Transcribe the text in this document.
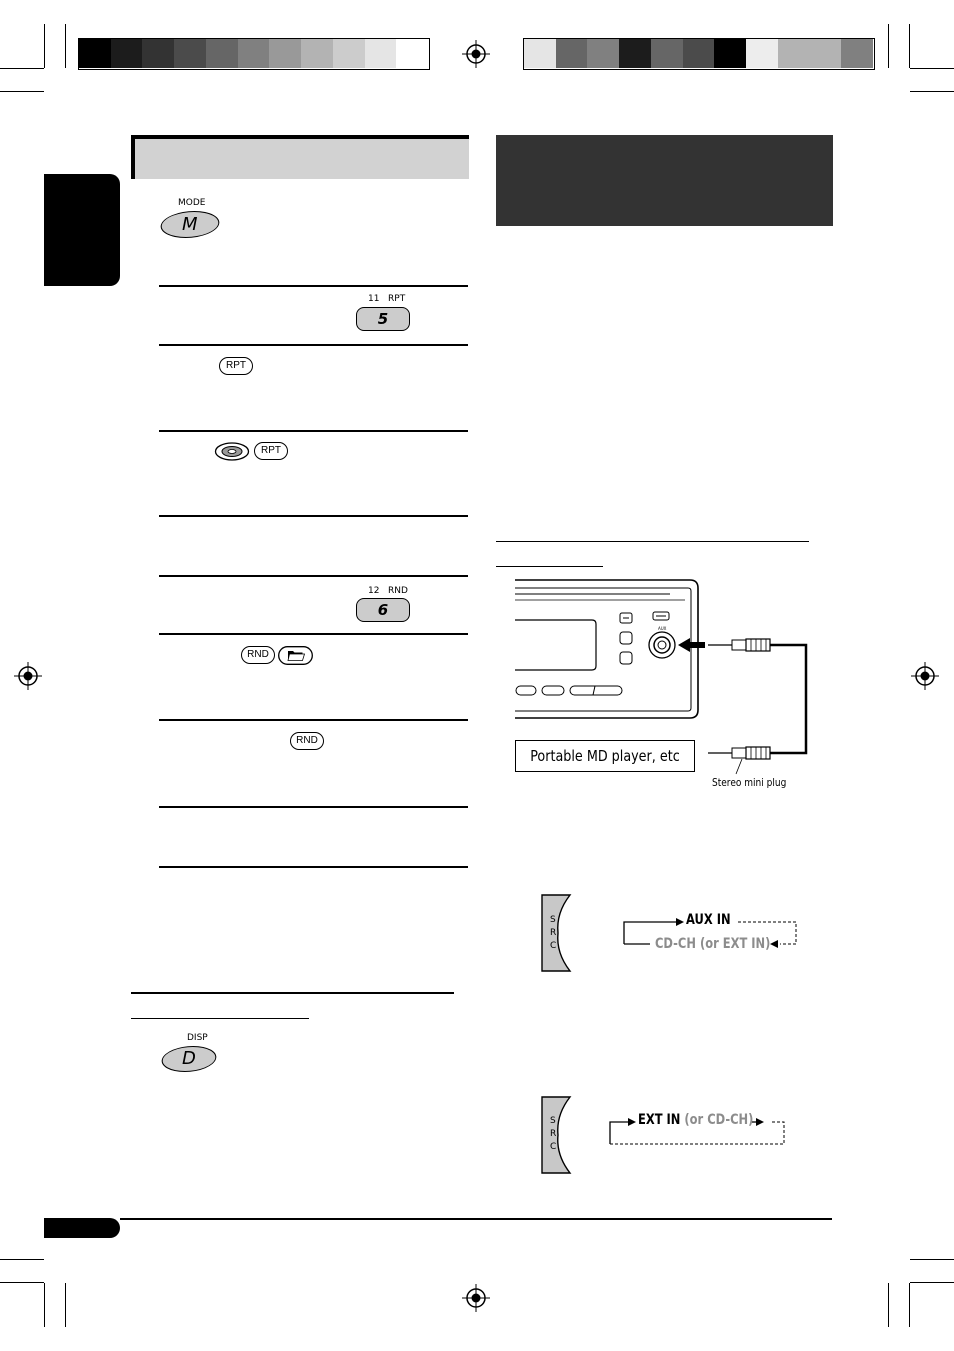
MODE
M
11 RPT
5
RPT
RPT
12 RND
6
RND
RND
DISP
D
AUX
Portable MD player, etc
Stereo mini plug
S
R
C
AUX IN
CD-CH (or EXT IN)
S
R
C
EXT IN (or CD-CH)
